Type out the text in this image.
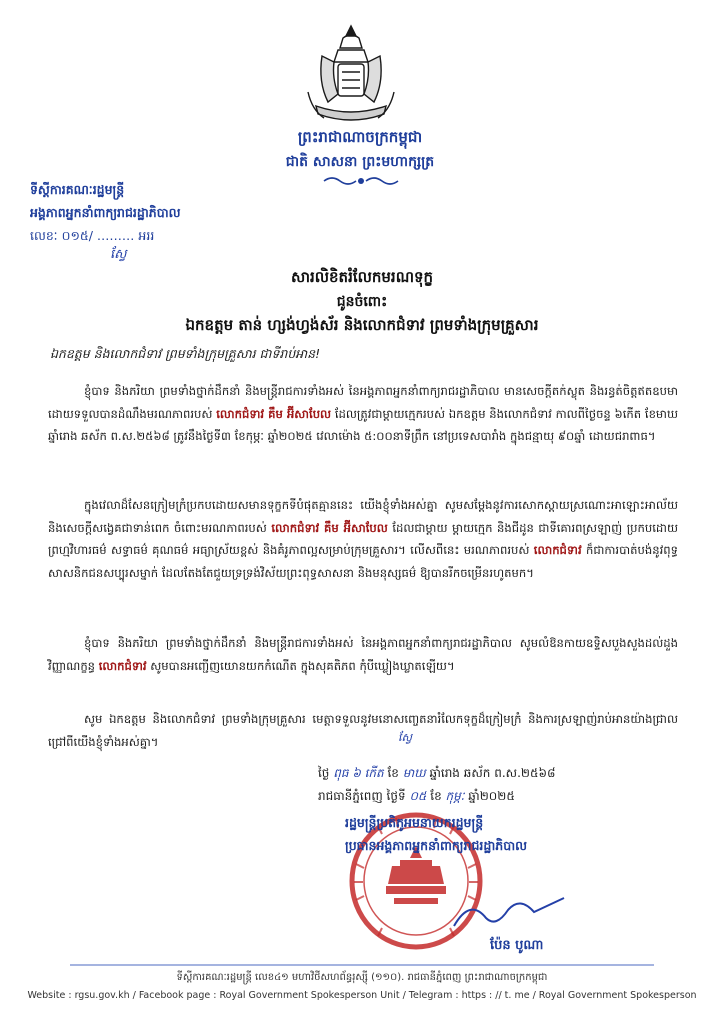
ព្រះរាជាណាចក្រកម្ពុជា
ជាតិ សាសនា ព្រះមហាក្សត្រ
ទីស្តីការគណៈរដ្ឋមន្ត្រី
អង្គភាពអ្នកនាំពាក្យរាជរដ្ឋាភិបាល
លេខៈ ០១៥/ ……… អររ
ស្វែ
សារលិខិតរំលែកមរណទុក្ខ
ជូនចំពោះ
ឯកឧត្តម តាន់ ហ្សង់ហ្វង់ស័រ និងលោកជំទាវ ព្រមទាំងក្រុមគ្រួសារ
ឯកឧត្តម និងលោកជំទាវ ព្រមទាំងក្រុមគ្រួសារ ជាទីរាប់អាន!

ខ្ញុំបាទ និងភរិយា ព្រមទាំងថ្នាក់ដឹកនាំ និងមន្ត្រីរាជការទាំងអស់ នៃអង្គភាពអ្នកនាំពាក្យរាជរដ្ឋាភិបាល មានសេចក្តីតក់ស្លុត និងរន្ធត់ចិត្តឥតឧបមា ដោយទទួលបានដំណឹងមរណភាពរបស់ លោកជំទាវ គឹម អ៊ីសាបែល ដែលត្រូវជាម្តាយក្មេករបស់ ឯកឧត្តម និងលោកជំទាវ កាលពីថ្ងៃចន្ទ ៦កើត ខែមាឃ ឆ្នាំរោង ឆស័ក ព.ស.២៥៦៨ ត្រូវនឹងថ្ងៃទី៣ ខែកុម្ភៈ ឆ្នាំ២០២៥ វេលាម៉ោង ៥:០០នាទីព្រឹក នៅប្រទេសបារាំង ក្នុងជន្មាយុ ៩០ឆ្នាំ ដោយជរាពាធ។

ក្នុងវេលាដ៏សែនក្រៀមក្រំប្រកបដោយសមានទុក្ខកទីបំផុតគ្មាននេះ យើងខ្ញុំទាំងអស់គ្នា សូមសម្តែងនូវការសោកស្តាយស្រណោះអាឡោះអាល័យ និងសេចក្តីសង្វេគជាទាន់ពេក ចំពោះមរណភាពរបស់ លោកជំទាវ គឹម អ៊ីសាបែល ដែលជាម្តាយ ម្តាយក្មេក និងជីដូន ជាទីគោរពស្រឡាញ់ ប្រកបដោយព្រហ្មវិហារធម៌ សទ្ធាធម៌ គុណធម៌ អធ្យាស្រ័យខ្ពស់ និងគំរូភាពល្អសម្រាប់ក្រុមគ្រួសារ។ លើសពីនេះ មរណភាពរបស់ លោកជំទាវ ក៏ជាការបាត់បង់នូវពុទ្ធសាសនិកជនសប្បុរសម្នាក់ ដែលតែងតែជួយទ្រទ្រង់វិស័យព្រះពុទ្ធសាសនា និងមនុស្សធម៌ ឱ្យបានរីកចម្រើនរហូតមក។

ខ្ញុំបាទ និងភរិយា ព្រមទាំងថ្នាក់ដឹកនាំ និងមន្ត្រីរាជការទាំងអស់ នៃអង្គភាពអ្នកនាំពាក្យរាជរដ្ឋាភិបាល សូមលំឱនកាយឧទ្ទិសបួងសួងដល់ដួងវិញ្ញាណក្ខន្ធ លោកជំទាវ សូមបានអញ្ជើញយោនយកកំណើត ក្នុងសុគតិភព កុំបីឃ្លៀងឃ្លាតឡើយ។

សូម ឯកឧត្តម និងលោកជំទាវ ព្រមទាំងក្រុមគ្រួសារ មេត្តាទទួលនូវមនោសញ្ចេតនារំលែកទុក្ខដ៏ក្រៀមក្រំ និងការស្រឡាញ់រាប់អានយ៉ាងជ្រាលជ្រៅពីយើងខ្ញុំទាំងអស់គ្នា។	ស្វែ
ថ្ងៃ ពុធ ៦ កើត ខែ មាឃ ឆ្នាំរោង ឆស័ក ព.ស.២៥៦៨
រាជធានីភ្នំពេញ ថ្ងៃទី ០៥ ខែ កុម្ភៈ ឆ្នាំ២០២៥
រដ្ឋមន្ត្រីប្រតិភូអមនាយករដ្ឋមន្ត្រី
ប្រធានអង្គភាពអ្នកនាំពាក្យរាជរដ្ឋាភិបាល
ប៉ែន បូណា
ទីស្តីការគណៈរដ្ឋមន្ត្រី លេខ៤១ មហាវិថីសហព័ន្ធរុស្ស៊ី (១១០). រាជធានីភ្នំពេញ ព្រះរាជាណាចក្រកម្ពុជា
Website : rgsu.gov.kh / Facebook page : Royal Government Spokesperson Unit / Telegram : https : // t. me / Royal Government Spokesperson
